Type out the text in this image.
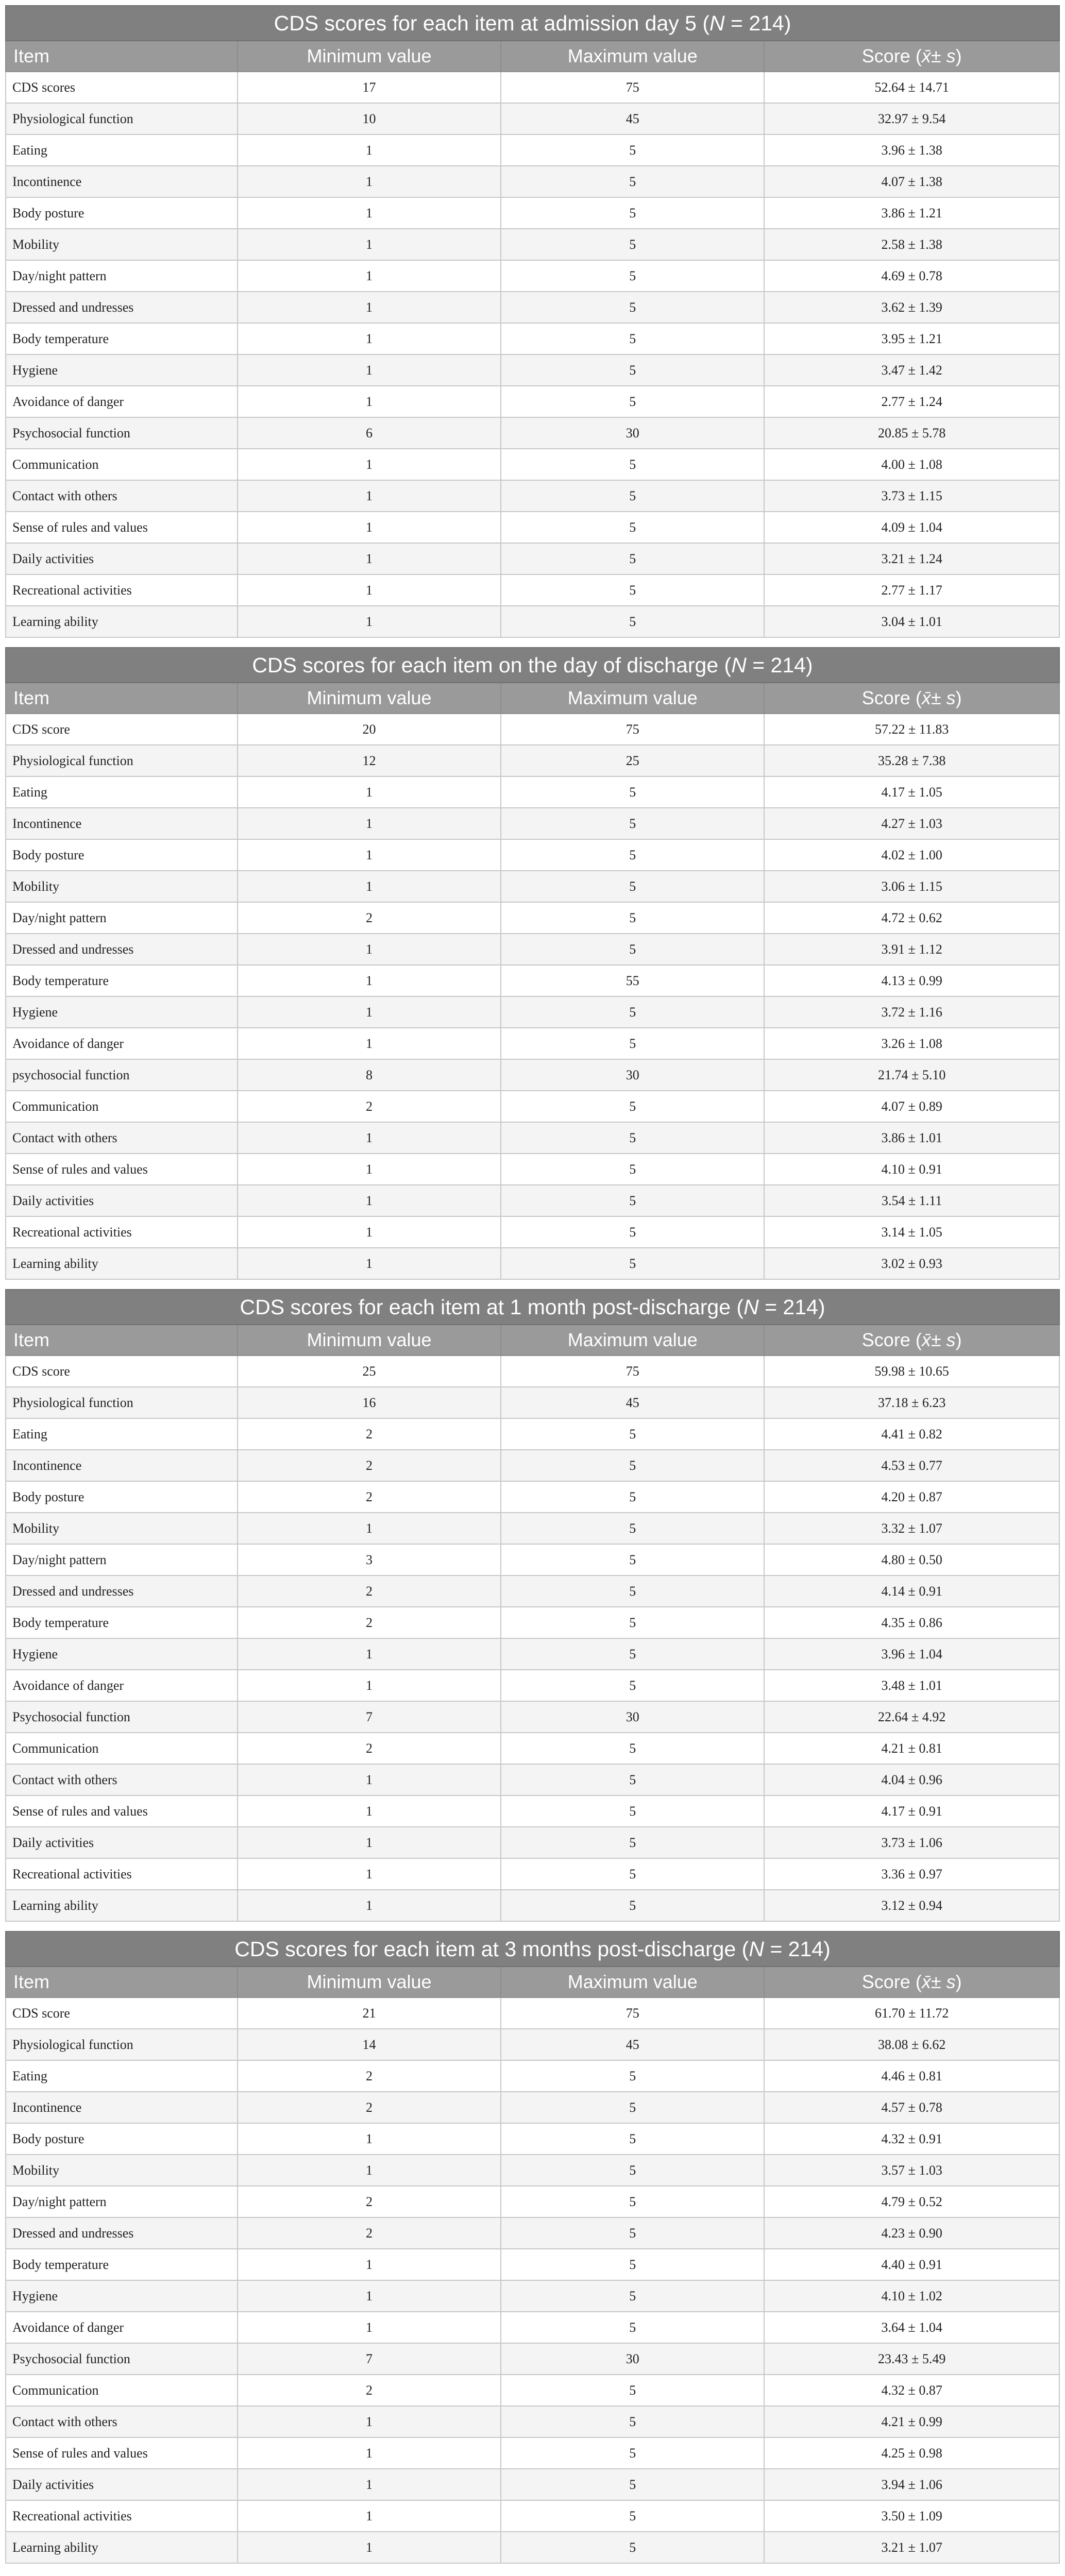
CDS scores for each item at admission day 5 (N = 214)			
Item	Minimum value	Maximum value	Score (x̄± s)
CDS scores	17	75	52.64 ± 14.71
Physiological function	10	45	32.97 ± 9.54
Eating	1	5	3.96 ± 1.38
Incontinence	1	5	4.07 ± 1.38
Body posture	1	5	3.86 ± 1.21
Mobility	1	5	2.58 ± 1.38
Day/night pattern	1	5	4.69 ± 0.78
Dressed and undresses	1	5	3.62 ± 1.39
Body temperature	1	5	3.95 ± 1.21
Hygiene	1	5	3.47 ± 1.42
Avoidance of danger	1	5	2.77 ± 1.24
Psychosocial function	6	30	20.85 ± 5.78
Communication	1	5	4.00 ± 1.08
Contact with others	1	5	3.73 ± 1.15
Sense of rules and values	1	5	4.09 ± 1.04
Daily activities	1	5	3.21 ± 1.24
Recreational activities	1	5	2.77 ± 1.17
Learning ability	1	5	3.04 ± 1.01
CDS scores for each item on the day of discharge (N = 214)			
Item	Minimum value	Maximum value	Score (x̄± s)
CDS score	20	75	57.22 ± 11.83
Physiological function	12	25	35.28 ± 7.38
Eating	1	5	4.17 ± 1.05
Incontinence	1	5	4.27 ± 1.03
Body posture	1	5	4.02 ± 1.00
Mobility	1	5	3.06 ± 1.15
Day/night pattern	2	5	4.72 ± 0.62
Dressed and undresses	1	5	3.91 ± 1.12
Body temperature	1	55	4.13 ± 0.99
Hygiene	1	5	3.72 ± 1.16
Avoidance of danger	1	5	3.26 ± 1.08
psychosocial function	8	30	21.74 ± 5.10
Communication	2	5	4.07 ± 0.89
Contact with others	1	5	3.86 ± 1.01
Sense of rules and values	1	5	4.10 ± 0.91
Daily activities	1	5	3.54 ± 1.11
Recreational activities	1	5	3.14 ± 1.05
Learning ability	1	5	3.02 ± 0.93
CDS scores for each item at 1 month post-discharge (N = 214)			
Item	Minimum value	Maximum value	Score (x̄± s)
CDS score	25	75	59.98 ± 10.65
Physiological function	16	45	37.18 ± 6.23
Eating	2	5	4.41 ± 0.82
Incontinence	2	5	4.53 ± 0.77
Body posture	2	5	4.20 ± 0.87
Mobility	1	5	3.32 ± 1.07
Day/night pattern	3	5	4.80 ± 0.50
Dressed and undresses	2	5	4.14 ± 0.91
Body temperature	2	5	4.35 ± 0.86
Hygiene	1	5	3.96 ± 1.04
Avoidance of danger	1	5	3.48 ± 1.01
Psychosocial function	7	30	22.64 ± 4.92
Communication	2	5	4.21 ± 0.81
Contact with others	1	5	4.04 ± 0.96
Sense of rules and values	1	5	4.17 ± 0.91
Daily activities	1	5	3.73 ± 1.06
Recreational activities	1	5	3.36 ± 0.97
Learning ability	1	5	3.12 ± 0.94
CDS scores for each item at 3 months post-discharge (N = 214)			
Item	Minimum value	Maximum value	Score (x̄± s)
CDS score	21	75	61.70 ± 11.72
Physiological function	14	45	38.08 ± 6.62
Eating	2	5	4.46 ± 0.81
Incontinence	2	5	4.57 ± 0.78
Body posture	1	5	4.32 ± 0.91
Mobility	1	5	3.57 ± 1.03
Day/night pattern	2	5	4.79 ± 0.52
Dressed and undresses	2	5	4.23 ± 0.90
Body temperature	1	5	4.40 ± 0.91
Hygiene	1	5	4.10 ± 1.02
Avoidance of danger	1	5	3.64 ± 1.04
Psychosocial function	7	30	23.43 ± 5.49
Communication	2	5	4.32 ± 0.87
Contact with others	1	5	4.21 ± 0.99
Sense of rules and values	1	5	4.25 ± 0.98
Daily activities	1	5	3.94 ± 1.06
Recreational activities	1	5	3.50 ± 1.09
Learning ability	1	5	3.21 ± 1.07
